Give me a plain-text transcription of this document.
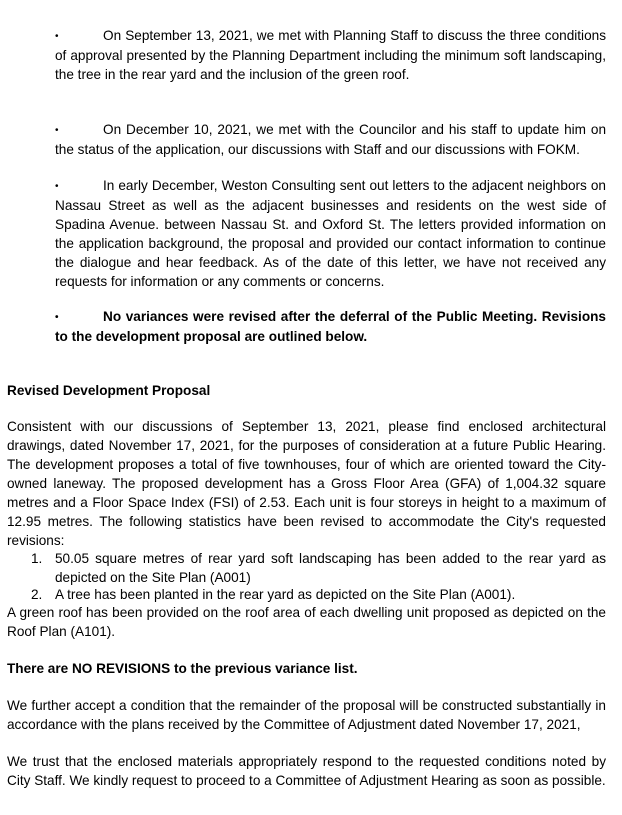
•	On September 13, 2021, we met with Planning Staff to discuss the three conditions of approval presented by the Planning Department including the minimum soft landscaping, the tree in the rear yard and the inclusion of the green roof.
•	On December 10, 2021, we met with the Councilor and his staff to update him on the status of the application, our discussions with Staff and our discussions with FOKM.
•	In early December, Weston Consulting sent out letters to the adjacent neighbors on Nassau Street as well as the adjacent businesses and residents on the west side of Spadina Avenue. between Nassau St. and Oxford St. The letters provided information on the application background, the proposal and provided our contact information to continue the dialogue and hear feedback. As of the date of this letter, we have not received any requests for information or any comments or concerns.
•	No variances were revised after the deferral of the Public Meeting. Revisions to the development proposal are outlined below.
Revised Development Proposal
Consistent with our discussions of September 13, 2021, please find enclosed architectural drawings, dated November 17, 2021, for the purposes of consideration at a future Public Hearing. The development proposes a total of five townhouses, four of which are oriented toward the City-owned laneway. The proposed development has a Gross Floor Area (GFA) of 1,004.32 square metres and a Floor Space Index (FSI) of 2.53. Each unit is four storeys in height to a maximum of 12.95 metres. The following statistics have been revised to accommodate the City's requested revisions:
1. 50.05 square metres of rear yard soft landscaping has been added to the rear yard as depicted on the Site Plan (A001)
2. A tree has been planted in the rear yard as depicted on the Site Plan (A001).
A green roof has been provided on the roof area of each dwelling unit proposed as depicted on the Roof Plan (A101).
There are NO REVISIONS to the previous variance list.
We further accept a condition that the remainder of the proposal will be constructed substantially in accordance with the plans received by the Committee of Adjustment dated November 17, 2021,
We trust that the enclosed materials appropriately respond to the requested conditions noted by City Staff. We kindly request to proceed to a Committee of Adjustment Hearing as soon as possible.
